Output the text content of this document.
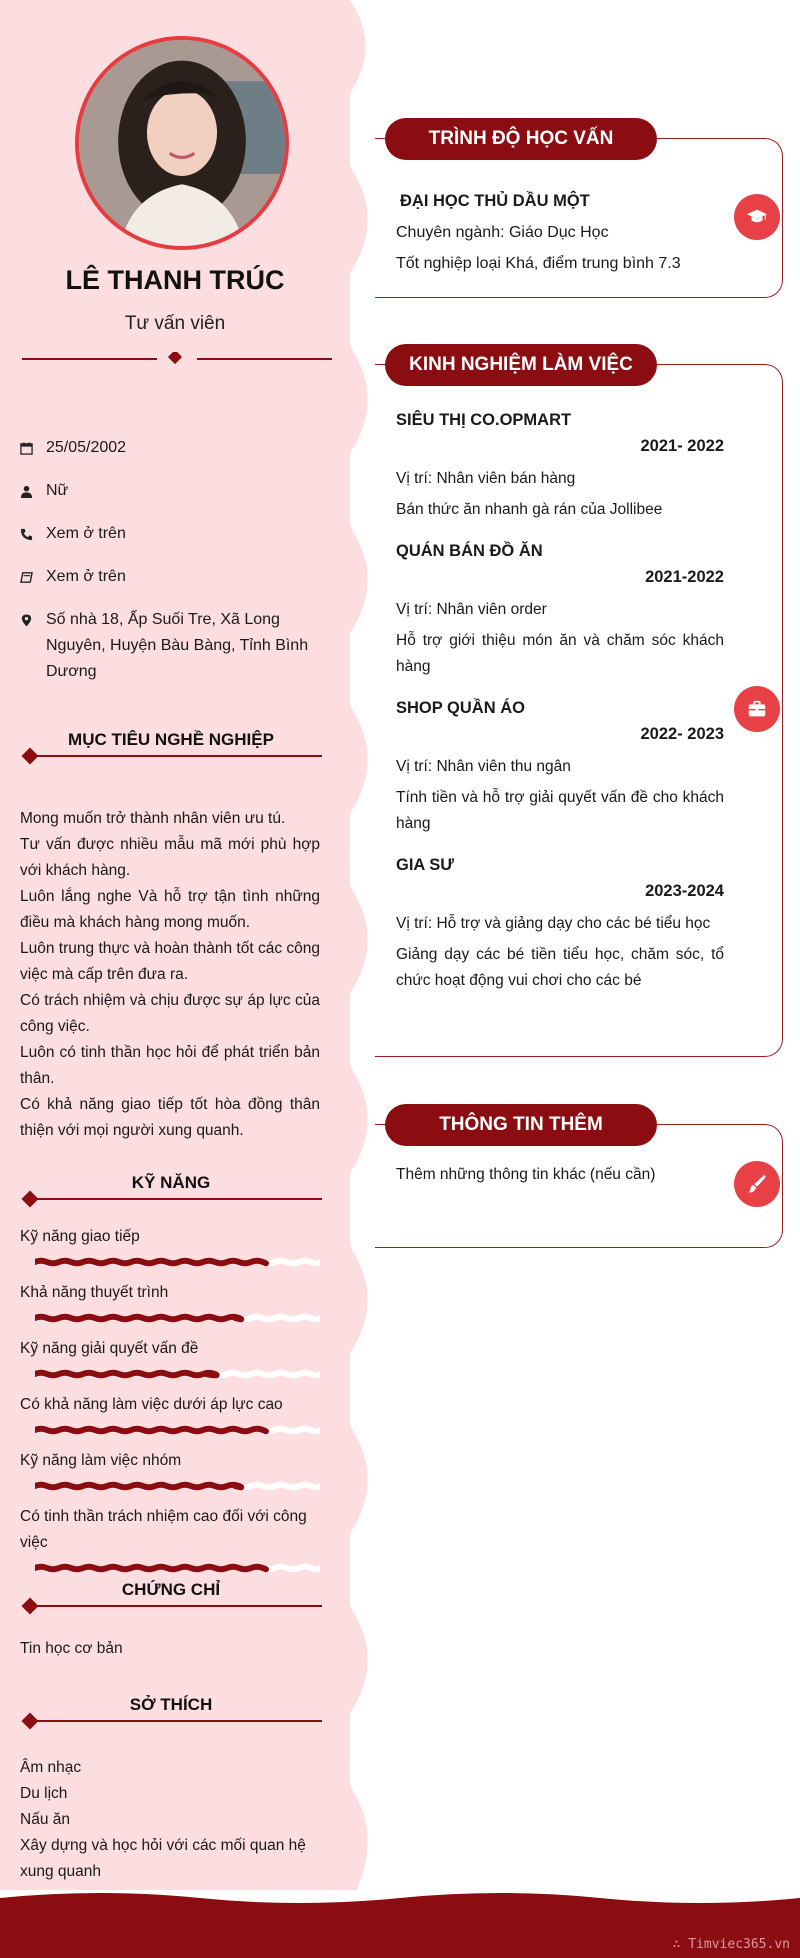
LÊ THANH TRÚC
Tư vấn viên
25/05/2002
Nữ
Xem ở trên
Xem ở trên
Số nhà 18, Ấp Suối Tre, Xã Long Nguyên, Huyện Bàu Bàng, Tỉnh Bình Dương
MỤC TIÊU NGHỀ NGHIỆP

Mong muốn trở thành nhân viên ưu tú.

Tư vấn được nhiều mẫu mã mới phù hợp với khách hàng.

Luôn lắng nghe Và hỗ trợ tận tình những điều mà khách hàng mong muốn.

Luôn trung thực và hoàn thành tốt các công việc mà cấp trên đưa ra.

Có trách nhiệm và chịu được sự áp lực của công việc.

Luôn có tinh thần học hỏi để phát triển bản thân.

Có khả năng giao tiếp tốt hòa đồng thân thiện với mọi người xung quanh.

KỸ NĂNG
Kỹ năng giao tiếp
Khả năng thuyết trình
Kỹ năng giải quyết vấn đề
Có khả năng làm việc dưới áp lực cao
Kỹ năng làm việc nhóm
Có tinh thần trách nhiệm cao đối với công việc
CHỨNG CHỈ
Tin học cơ bản
SỞ THÍCH
Âm nhạc
Du lịch
Nấu ăn
Xây dựng và học hỏi với các mối quan hệ xung quanh
TRÌNH ĐỘ HỌC VẤN
ĐẠI HỌC THỦ DẦU MỘT
Chuyên ngành: Giáo Dục Học
Tốt nghiệp loại Khá, điểm trung bình 7.3
KINH NGHIỆM LÀM VIỆC
SIÊU THỊ CO.OPMART
2021- 2022
Vị trí: Nhân viên bán hàng
Bán thức ăn nhanh gà rán của Jollibee
QUÁN BÁN ĐỒ ĂN
2021-2022
Vị trí: Nhân viên order
Hỗ trợ giới thiệu món ăn và chăm sóc khách hàng
SHOP QUẦN ÁO
2022- 2023
Vị trí: Nhân viên thu ngân
Tính tiền và hỗ trợ giải quyết vấn đề cho khách hàng
GIA SƯ
2023-2024
Vị trí: Hỗ trợ và giảng dạy cho các bé tiểu học
Giảng dạy các bé tiền tiểu học, chăm sóc, tổ chức hoạt động vui chơi cho các bé
THÔNG TIN THÊM
Thêm những thông tin khác (nếu cần)
∴ Timviec365.vn
